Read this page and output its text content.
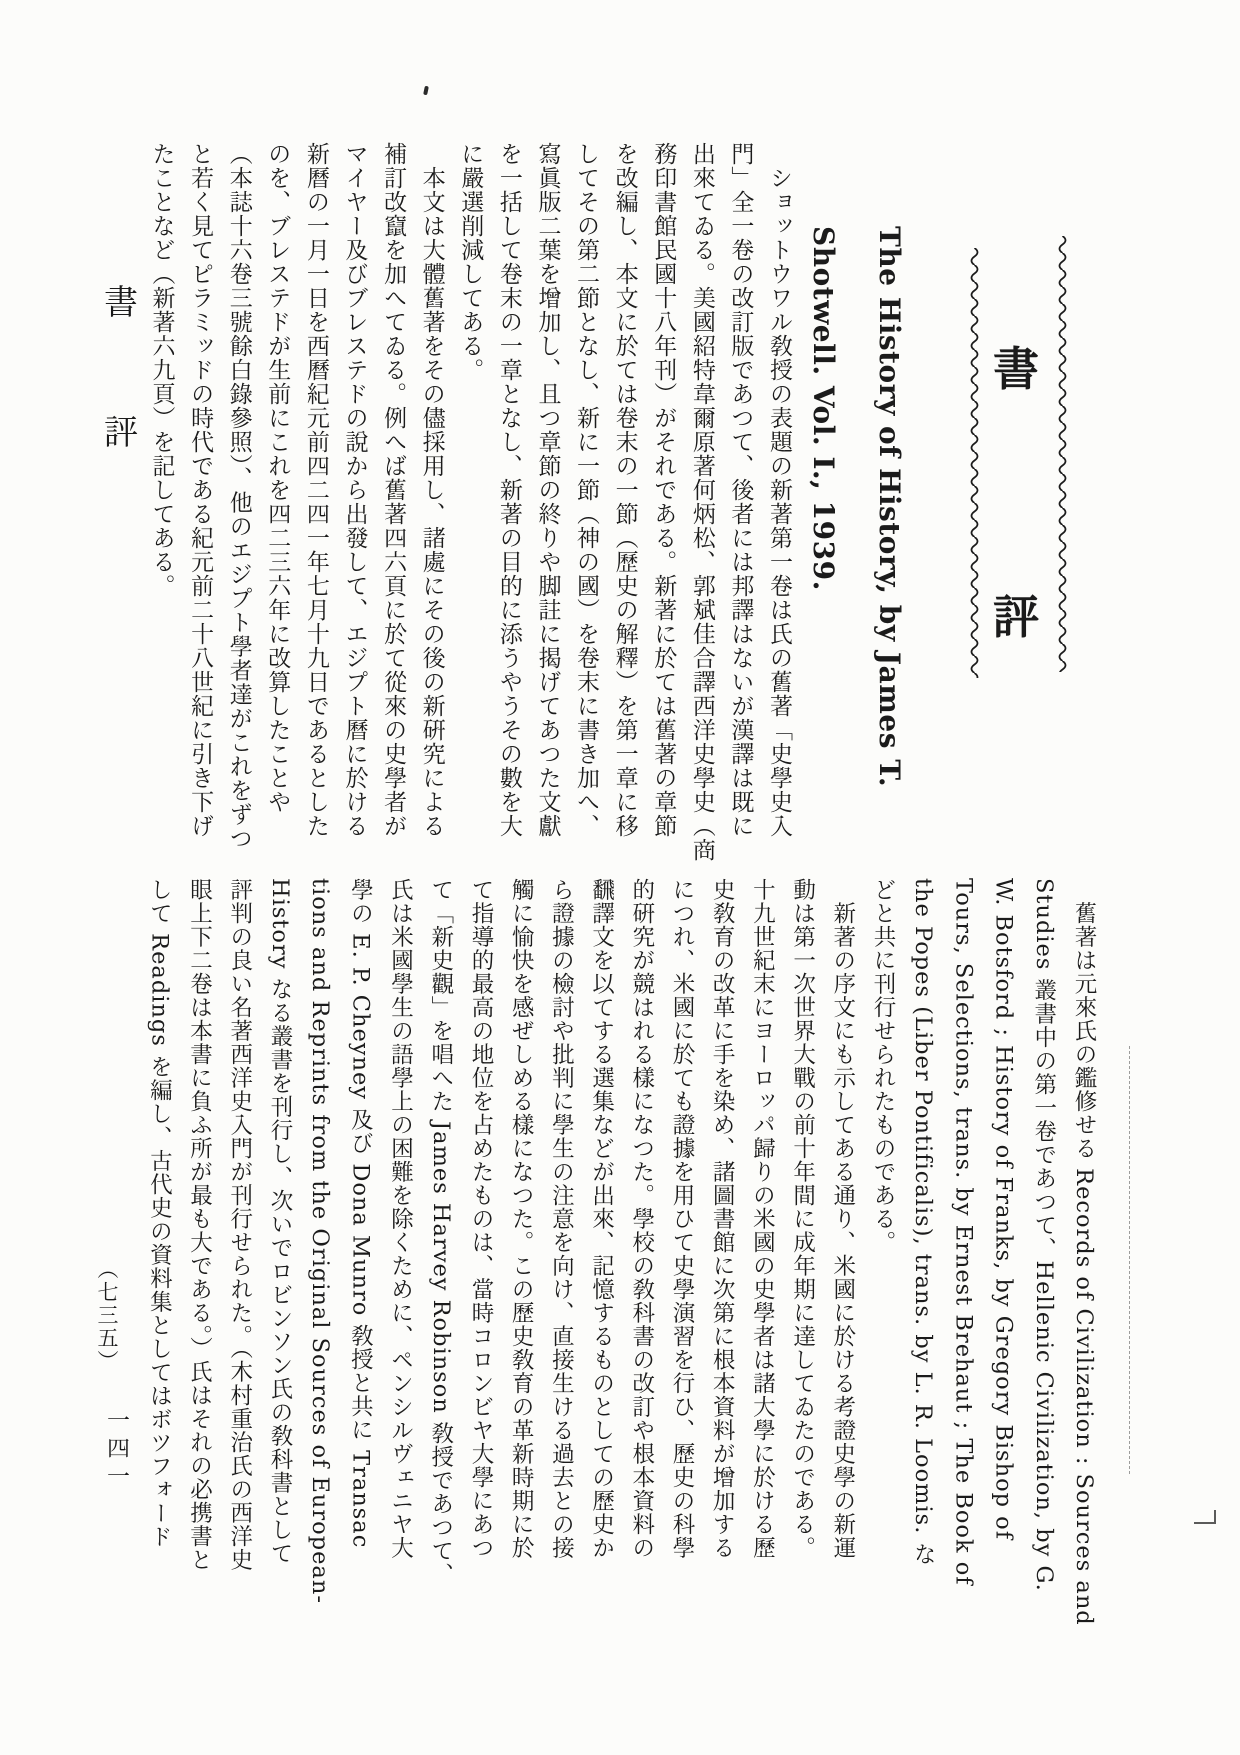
書
評

The History of History, by James T.

Shotwell. Vol. I., 1939.

　ショットウワル敎授の表題の新著第一卷は氏の舊著「史學史入
門」全一卷の改訂版であつて、後者には邦譯はないが漢譯は既に
出來てゐる。美國紹特韋爾原著何炳松、郭斌佳合譯西洋史學史（商
務印書館民國十八年刊）がそれである。新著に於ては舊著の章節
を改編し、本文に於ては卷末の一節（歷史の解釋）を第一章に移
してその第二節となし、新に一節（神の國）を卷末に書き加へ、
寫眞版二葉を增加し、且つ章節の終りや脚註に揭げてあつた文獻
を一括して卷末の一章となし、新著の目的に添うやうその數を大
に嚴選削減してある。
　本文は大體舊著をその儘採用し、諸處にその後の新硏究による
補訂改竄を加へてゐる。例へば舊著四六頁に於て從來の史學者が
マイヤー及びブレステドの說から出發して、エジプト曆に於ける
新曆の一月一日を西曆紀元前四二四一年七月十九日であるとした
のを、ブレステドが生前にこれを四二三六年に改算したことや
（本誌十六卷三號餘白錄參照）、他のエジプト學者達がこれをずつ
と若く見てピラミッドの時代である紀元前二十八世紀に引き下げ
たことなど（新著六九頁）を記してある。
　舊著は元來氏の鑑修せる Records of Civilization : Sources and
Studies 叢書中の第一卷であつて、Hellenic Civilization, by G.
W. Botsford ; History of Franks, by Gregory Bishop of
Tours, Selections, trans. by Ernest Brehaut ; The Book of
the Popes (Liber Pontificalis), trans. by L. R. Loomis. な
どと共に刊行せられたものである。
　新著の序文にも示してある通り、米國に於ける考證史學の新運
動は第一次世界大戰の前十年間に成年期に達してゐたのである。
十九世紀末にヨーロッパ歸りの米國の史學者は諸大學に於ける歷
史敎育の改革に手を染め、諸圖書館に次第に根本資料が增加する
につれ、米國に於ても證據を用ひて史學演習を行ひ、歷史の科學
的硏究が競はれる樣になつた。學校の敎科書の改訂や根本資料の
飜譯文を以てする選集などが出來、記憶するものとしての歷史か
ら證據の檢討や批判に學生の注意を向け、直接生ける過去との接
觸に愉快を感ぜしめる樣になつた。この歷史敎育の革新時期に於
て指導的最高の地位を占めたものは、當時コロンビヤ大學にあつ
て「新史觀」を唱へた James Harvey Robinson 敎授であつて、
氏は米國學生の語學上の困難を除くために、ペンシルヴェニヤ大
學の E. P. Cheyney 及び Dona Munro 敎授と共に Transac
tions and Reprints from the Original Sources of European-
History なる叢書を刊行し、次いでロビンソン氏の敎科書として
評判の良い名著西洋史入門が刊行せられた。（木村重治氏の西洋史
眼上下二卷は本書に負ふ所が最も大である。）氏はそれの必携書と
して Readings を編し、古代史の資料集としてはボツフォード
書
評
（七三五）
一四一
